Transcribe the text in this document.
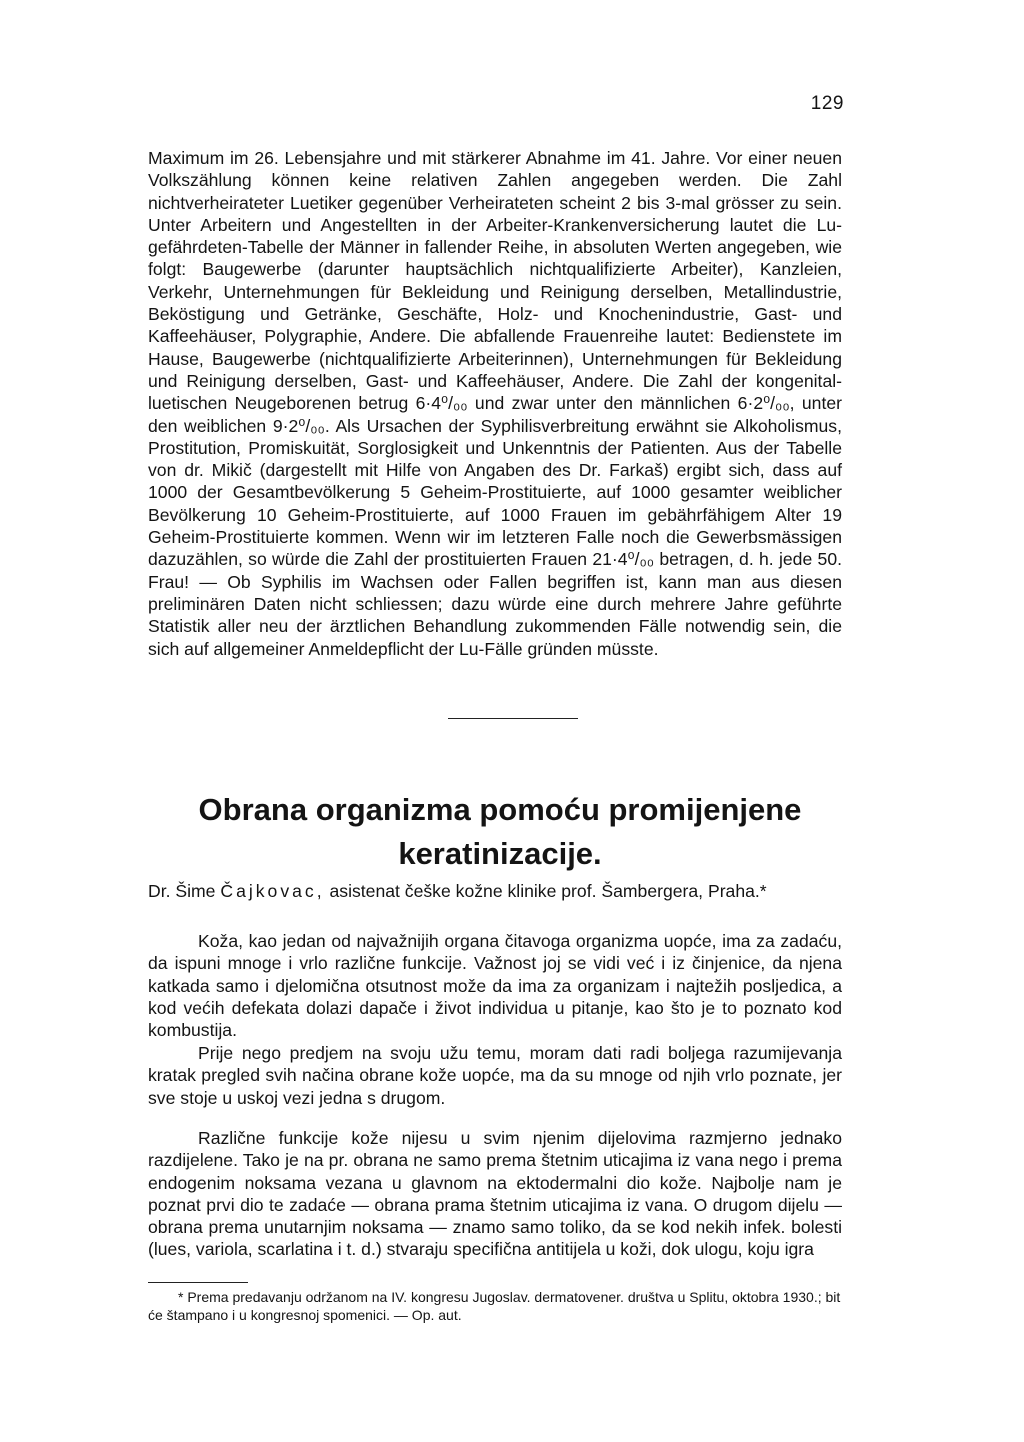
129

Maximum im 26. Lebensjahre und mit stärkerer Abnahme im 41. Jahre. Vor einer neuen Volkszählung können keine relativen Zahlen angegeben werden. Die Zahl nichtverheirateter Luetiker gegenüber Verheirateten scheint 2 bis 3-mal grösser zu sein. Unter Arbeitern und Angestellten in der Arbeiter-Krankenversicherung lautet die Lu-gefährdeten-Tabelle der Männer in fallender Reihe, in absoluten Werten angegeben, wie folgt: Baugewerbe (darunter hauptsächlich nichtqualifizierte Arbeiter), Kanzleien, Verkehr, Unternehmungen für Bekleidung und Reinigung derselben, Metallindustrie, Beköstigung und Getränke, Geschäfte, Holz- und Knochenindustrie, Gast- und Kaffeehäuser, Polygraphie, Andere. Die abfallende Frauenreihe lautet: Bedienstete im Hause, Baugewerbe (nichtqualifizierte Arbeiterinnen), Unternehmungen für Bekleidung und Reinigung derselben, Gast- und Kaffeehäuser, Andere. Die Zahl der kongenital-luetischen Neugeborenen betrug 6·4⁰/₀₀ und zwar unter den männlichen 6·2⁰/₀₀, unter den weiblichen 9·2⁰/₀₀. Als Ursachen der Syphilisverbreitung erwähnt sie Alkoholismus, Prostitution, Promiskuität, Sorglosigkeit und Unkenntnis der Patienten. Aus der Tabelle von dr. Mikič (dargestellt mit Hilfe von Angaben des Dr. Farkaš) ergibt sich, dass auf 1000 der Gesamtbevölkerung 5 Geheim-Prostituierte, auf 1000 gesamter weiblicher Bevölkerung 10 Geheim-Prostituierte, auf 1000 Frauen im gebährfähigem Alter 19 Geheim-Prostituierte kommen. Wenn wir im letzteren Falle noch die Gewerbsmässigen dazuzählen, so würde die Zahl der prostituierten Frauen 21·4⁰/₀₀ betragen, d. h. jede 50. Frau! — Ob Syphilis im Wachsen oder Fallen begriffen ist, kann man aus diesen preliminären Daten nicht schliessen; dazu würde eine durch mehrere Jahre geführte Statistik aller neu der ärztlichen Behandlung zukommenden Fälle notwendig sein, die sich auf allgemeiner Anmeldepflicht der Lu-Fälle gründen müsste.

Obrana organizma pomoću promijenjene
keratinizacije.

Dr. Šime Čajkovac, asistenat češke kožne klinike prof. Šambergera, Praha.*

Koža, kao jedan od najvažnijih organa čitavoga organizma uopće, ima za zadaću, da ispuni mnoge i vrlo različne funkcije. Važnost joj se vidi već i iz činjenice, da njena katkada samo i djelomična otsutnost može da ima za organizam i najtežih posljedica, a kod većih defekata dolazi dapače i život individua u pitanje, kao što je to poznato kod kombustija.

Prije nego predjem na svoju užu temu, moram dati radi boljega razumijevanja kratak pregled svih načina obrane kože uopće, ma da su mnoge od njih vrlo poznate, jer sve stoje u uskoj vezi jedna s drugom.

Različne funkcije kože nijesu u svim njenim dijelovima razmjerno jednako razdijelene. Tako je na pr. obrana ne samo prema štetnim uticajima iz vana nego i prema endogenim noksama vezana u glavnom na ektodermalni dio kože. Najbolje nam je poznat prvi dio te zadaće — obrana prama štetnim uticajima iz vana. O drugom dijelu — obrana prema unutarnjim noksama — znamo samo toliko, da se kod nekih infek. bolesti (lues, variola, scarlatina i t. d.) stvaraju specifična antitijela u koži, dok ulogu, koju igra

* Prema predavanju održanom na IV. kongresu Jugoslav. dermatovener. društva u Splitu, oktobra 1930.; bit će štampano i u kongresnoj spomenici. — Op. aut.
